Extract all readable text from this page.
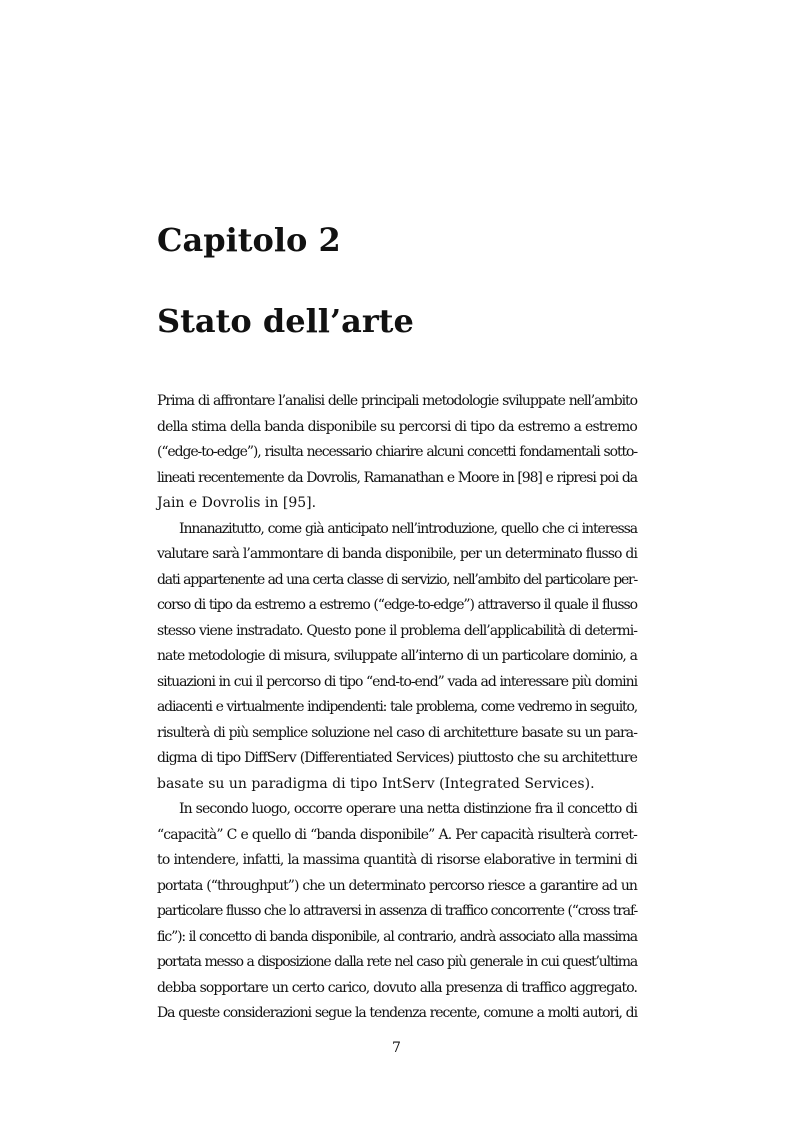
Capitolo 2
Stato dell’arte
Prima di affrontare l’analisi delle principali metodologie sviluppate nell’ambito
della stima della banda disponibile su percorsi di tipo da estremo a estremo
(“edge-to-edge”), risulta necessario chiarire alcuni concetti fondamentali sotto-
lineati recentemente da Dovrolis, Ramanathan e Moore in [98] e ripresi poi da
Jain e Dovrolis in [95].
Innanazitutto, come già anticipato nell’introduzione, quello che ci interessa
valutare sarà l’ammontare di banda disponibile, per un determinato flusso di
dati appartenente ad una certa classe di servizio, nell’ambito del particolare per-
corso di tipo da estremo a estremo (“edge-to-edge”) attraverso il quale il flusso
stesso viene instradato. Questo pone il problema dell’applicabilità di determi-
nate metodologie di misura, sviluppate all’interno di un particolare dominio, a
situazioni in cui il percorso di tipo “end-to-end” vada ad interessare più domini
adiacenti e virtualmente indipendenti: tale problema, come vedremo in seguito,
risulterà di più semplice soluzione nel caso di architetture basate su un para-
digma di tipo DiffServ (Differentiated Services) piuttosto che su architetture
basate su un paradigma di tipo IntServ (Integrated Services).
In secondo luogo, occorre operare una netta distinzione fra il concetto di
“capacità” C e quello di “banda disponibile” A. Per capacità risulterà corret-
to intendere, infatti, la massima quantità di risorse elaborative in termini di
portata (“throughput”) che un determinato percorso riesce a garantire ad un
particolare flusso che lo attraversi in assenza di traffico concorrente (“cross traf-
fic”): il concetto di banda disponibile, al contrario, andrà associato alla massima
portata messo a disposizione dalla rete nel caso più generale in cui quest’ultima
debba sopportare un certo carico, dovuto alla presenza di traffico aggregato.
Da queste considerazioni segue la tendenza recente, comune a molti autori, di
7
